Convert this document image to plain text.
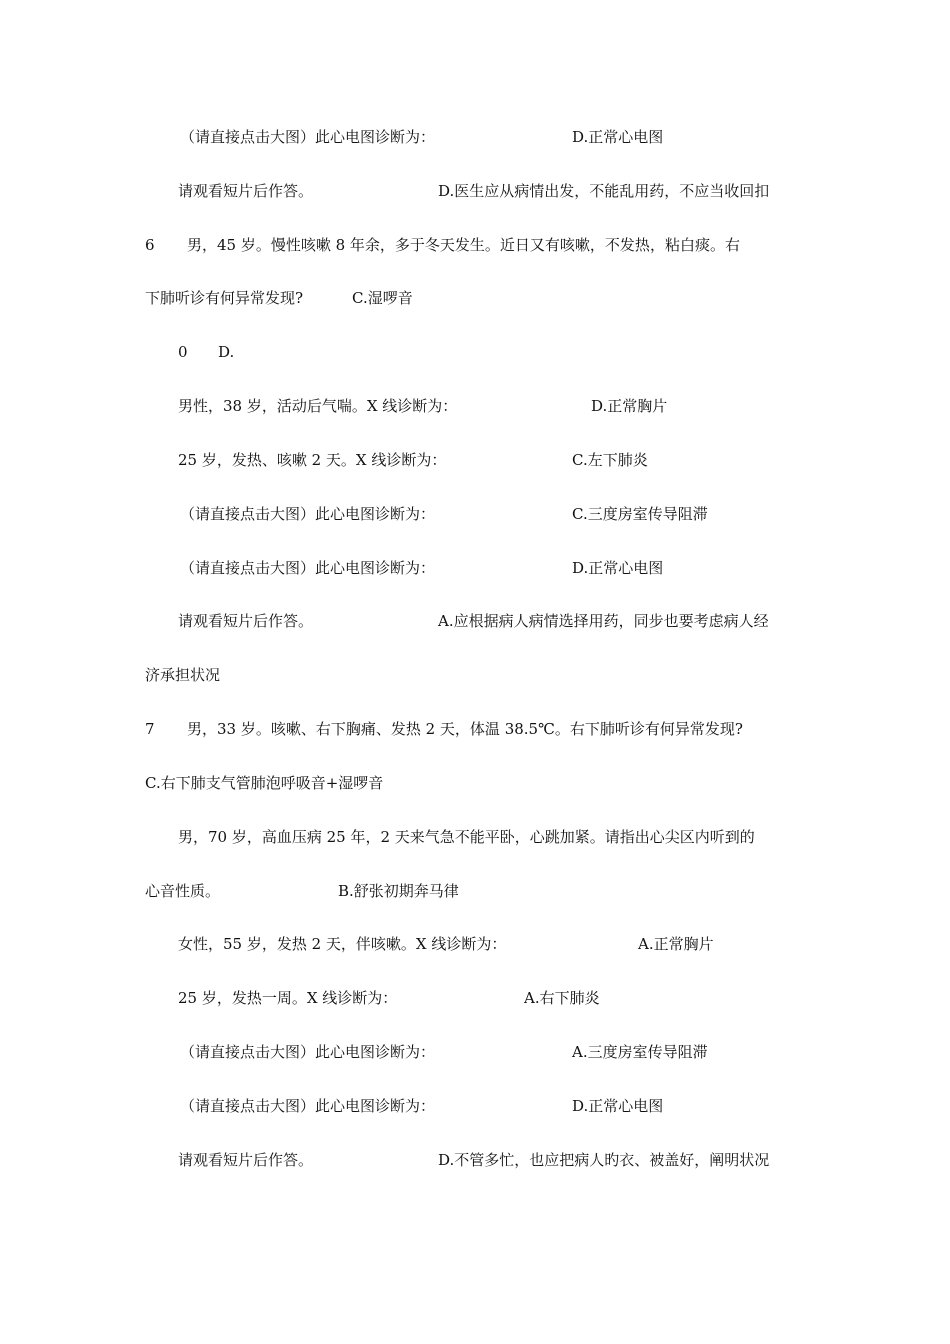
（请直接点击大图）此心电图诊断为：	D.正常心电图
请观看短片后作答。	D.医生应从病情出发，不能乱用药，不应当收回扣
6 男，45 岁。慢性咳嗽 8 年余，多于冬天发生。近日又有咳嗽，不发热，粘白痰。右
下肺听诊有何异常发现?	C.湿啰音
0 D.
男性，38 岁，活动后气喘。X 线诊断为：	D.正常胸片
25 岁，发热、咳嗽 2 天。X 线诊断为：	C.左下肺炎
（请直接点击大图）此心电图诊断为：	C.三度房室传导阻滞
（请直接点击大图）此心电图诊断为：	D.正常心电图
请观看短片后作答。	A.应根据病人病情选择用药，同步也要考虑病人经
济承担状况
7 男，33 岁。咳嗽、右下胸痛、发热 2 天，体温 38.5℃。右下肺听诊有何异常发现?
C.右下肺支气管肺泡呼吸音+湿啰音
男，70 岁，高血压病 25 年，2 天来气急不能平卧，心跳加紧。请指出心尖区内听到的
心音性质。	B.舒张初期奔马律
女性，55 岁，发热 2 天，伴咳嗽。X 线诊断为：	A.正常胸片
25 岁，发热一周。X 线诊断为：	A.右下肺炎
（请直接点击大图）此心电图诊断为：	A.三度房室传导阻滞
（请直接点击大图）此心电图诊断为：	D.正常心电图
请观看短片后作答。	D.不管多忙，也应把病人旳衣、被盖好，阐明状况
